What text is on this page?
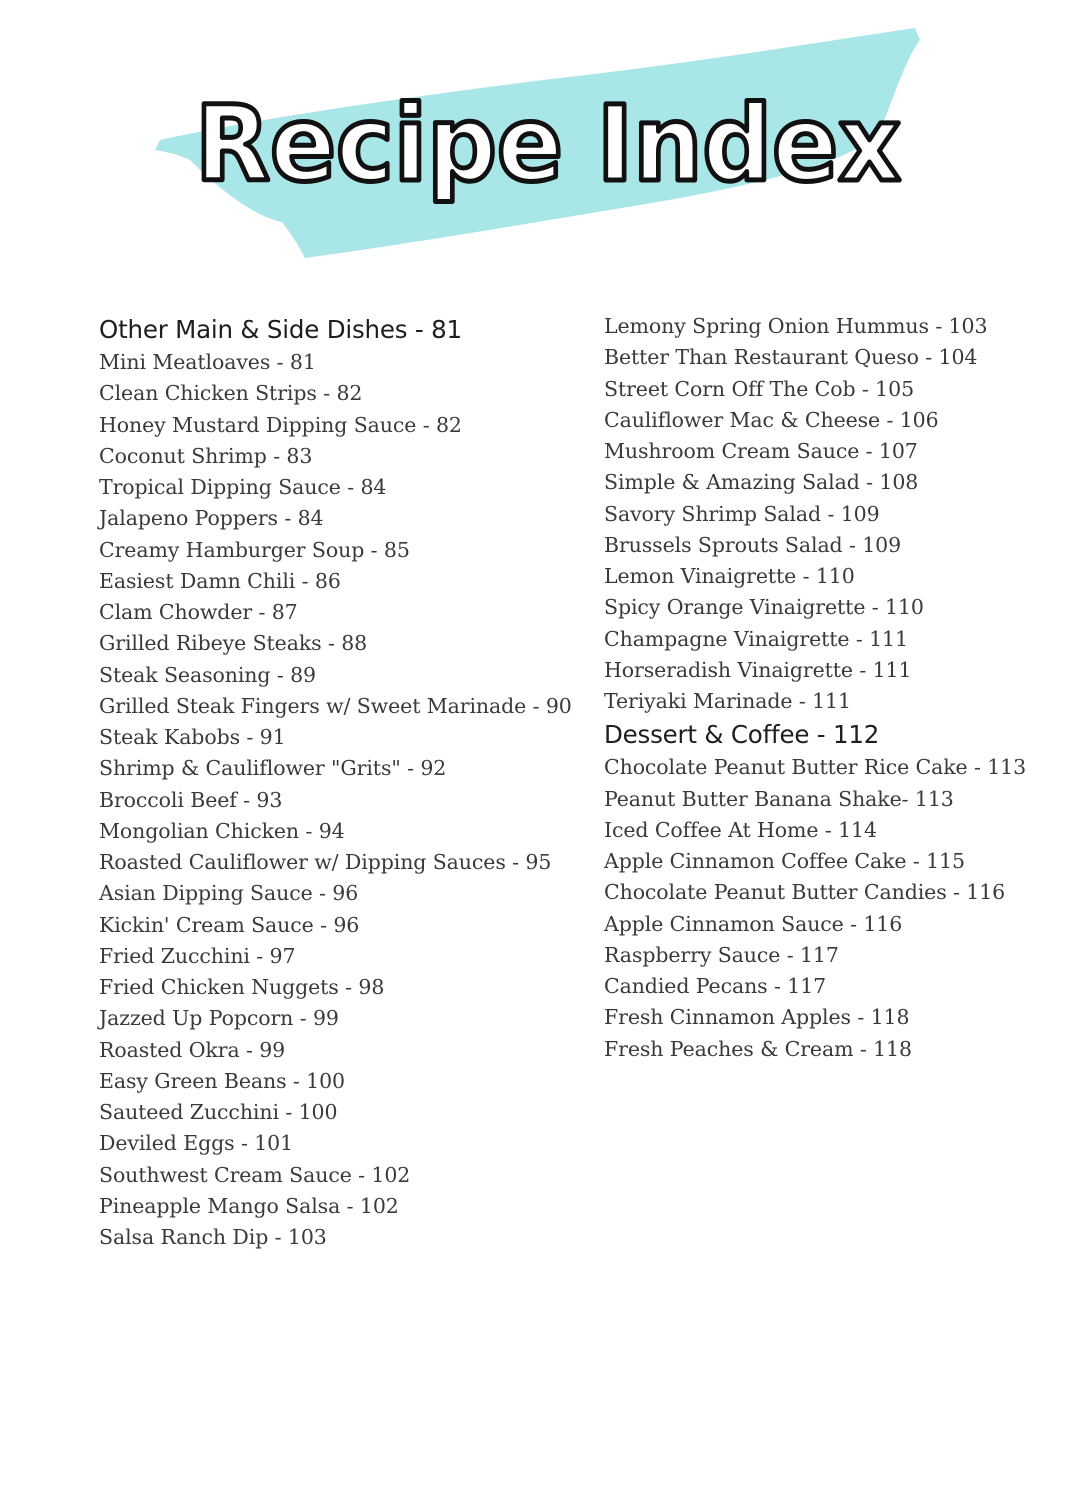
Recipe Index
Other Main & Side Dishes - 81
Mini Meatloaves - 81
Clean Chicken Strips - 82
Honey Mustard Dipping Sauce - 82
Coconut Shrimp - 83
Tropical Dipping Sauce - 84
Jalapeno Poppers - 84
Creamy Hamburger Soup - 85
Easiest Damn Chili - 86
Clam Chowder - 87
Grilled Ribeye Steaks - 88
Steak Seasoning - 89
Grilled Steak Fingers w/ Sweet Marinade - 90
Steak Kabobs - 91
Shrimp & Cauliflower "Grits" - 92
Broccoli Beef - 93
Mongolian Chicken - 94
Roasted Cauliflower w/ Dipping Sauces - 95
Asian Dipping Sauce - 96
Kickin' Cream Sauce - 96
Fried Zucchini - 97
Fried Chicken Nuggets - 98
Jazzed Up Popcorn - 99
Roasted Okra - 99
Easy Green Beans - 100
Sauteed Zucchini - 100
Deviled Eggs - 101
Southwest Cream Sauce - 102
Pineapple Mango Salsa - 102
Salsa Ranch Dip - 103
Lemony Spring Onion Hummus - 103
Better Than Restaurant Queso - 104
Street Corn Off The Cob - 105
Cauliflower Mac & Cheese - 106
Mushroom Cream Sauce - 107
Simple & Amazing Salad - 108
Savory Shrimp Salad - 109
Brussels Sprouts Salad - 109
Lemon Vinaigrette - 110
Spicy Orange Vinaigrette - 110
Champagne Vinaigrette - 111
Horseradish Vinaigrette - 111
Teriyaki Marinade - 111
Dessert & Coffee - 112
Chocolate Peanut Butter Rice Cake - 113
Peanut Butter Banana Shake- 113
Iced Coffee At Home - 114
Apple Cinnamon Coffee Cake - 115
Chocolate Peanut Butter Candies - 116
Apple Cinnamon Sauce - 116
Raspberry Sauce - 117
Candied Pecans - 117
Fresh Cinnamon Apples - 118
Fresh Peaches & Cream - 118
